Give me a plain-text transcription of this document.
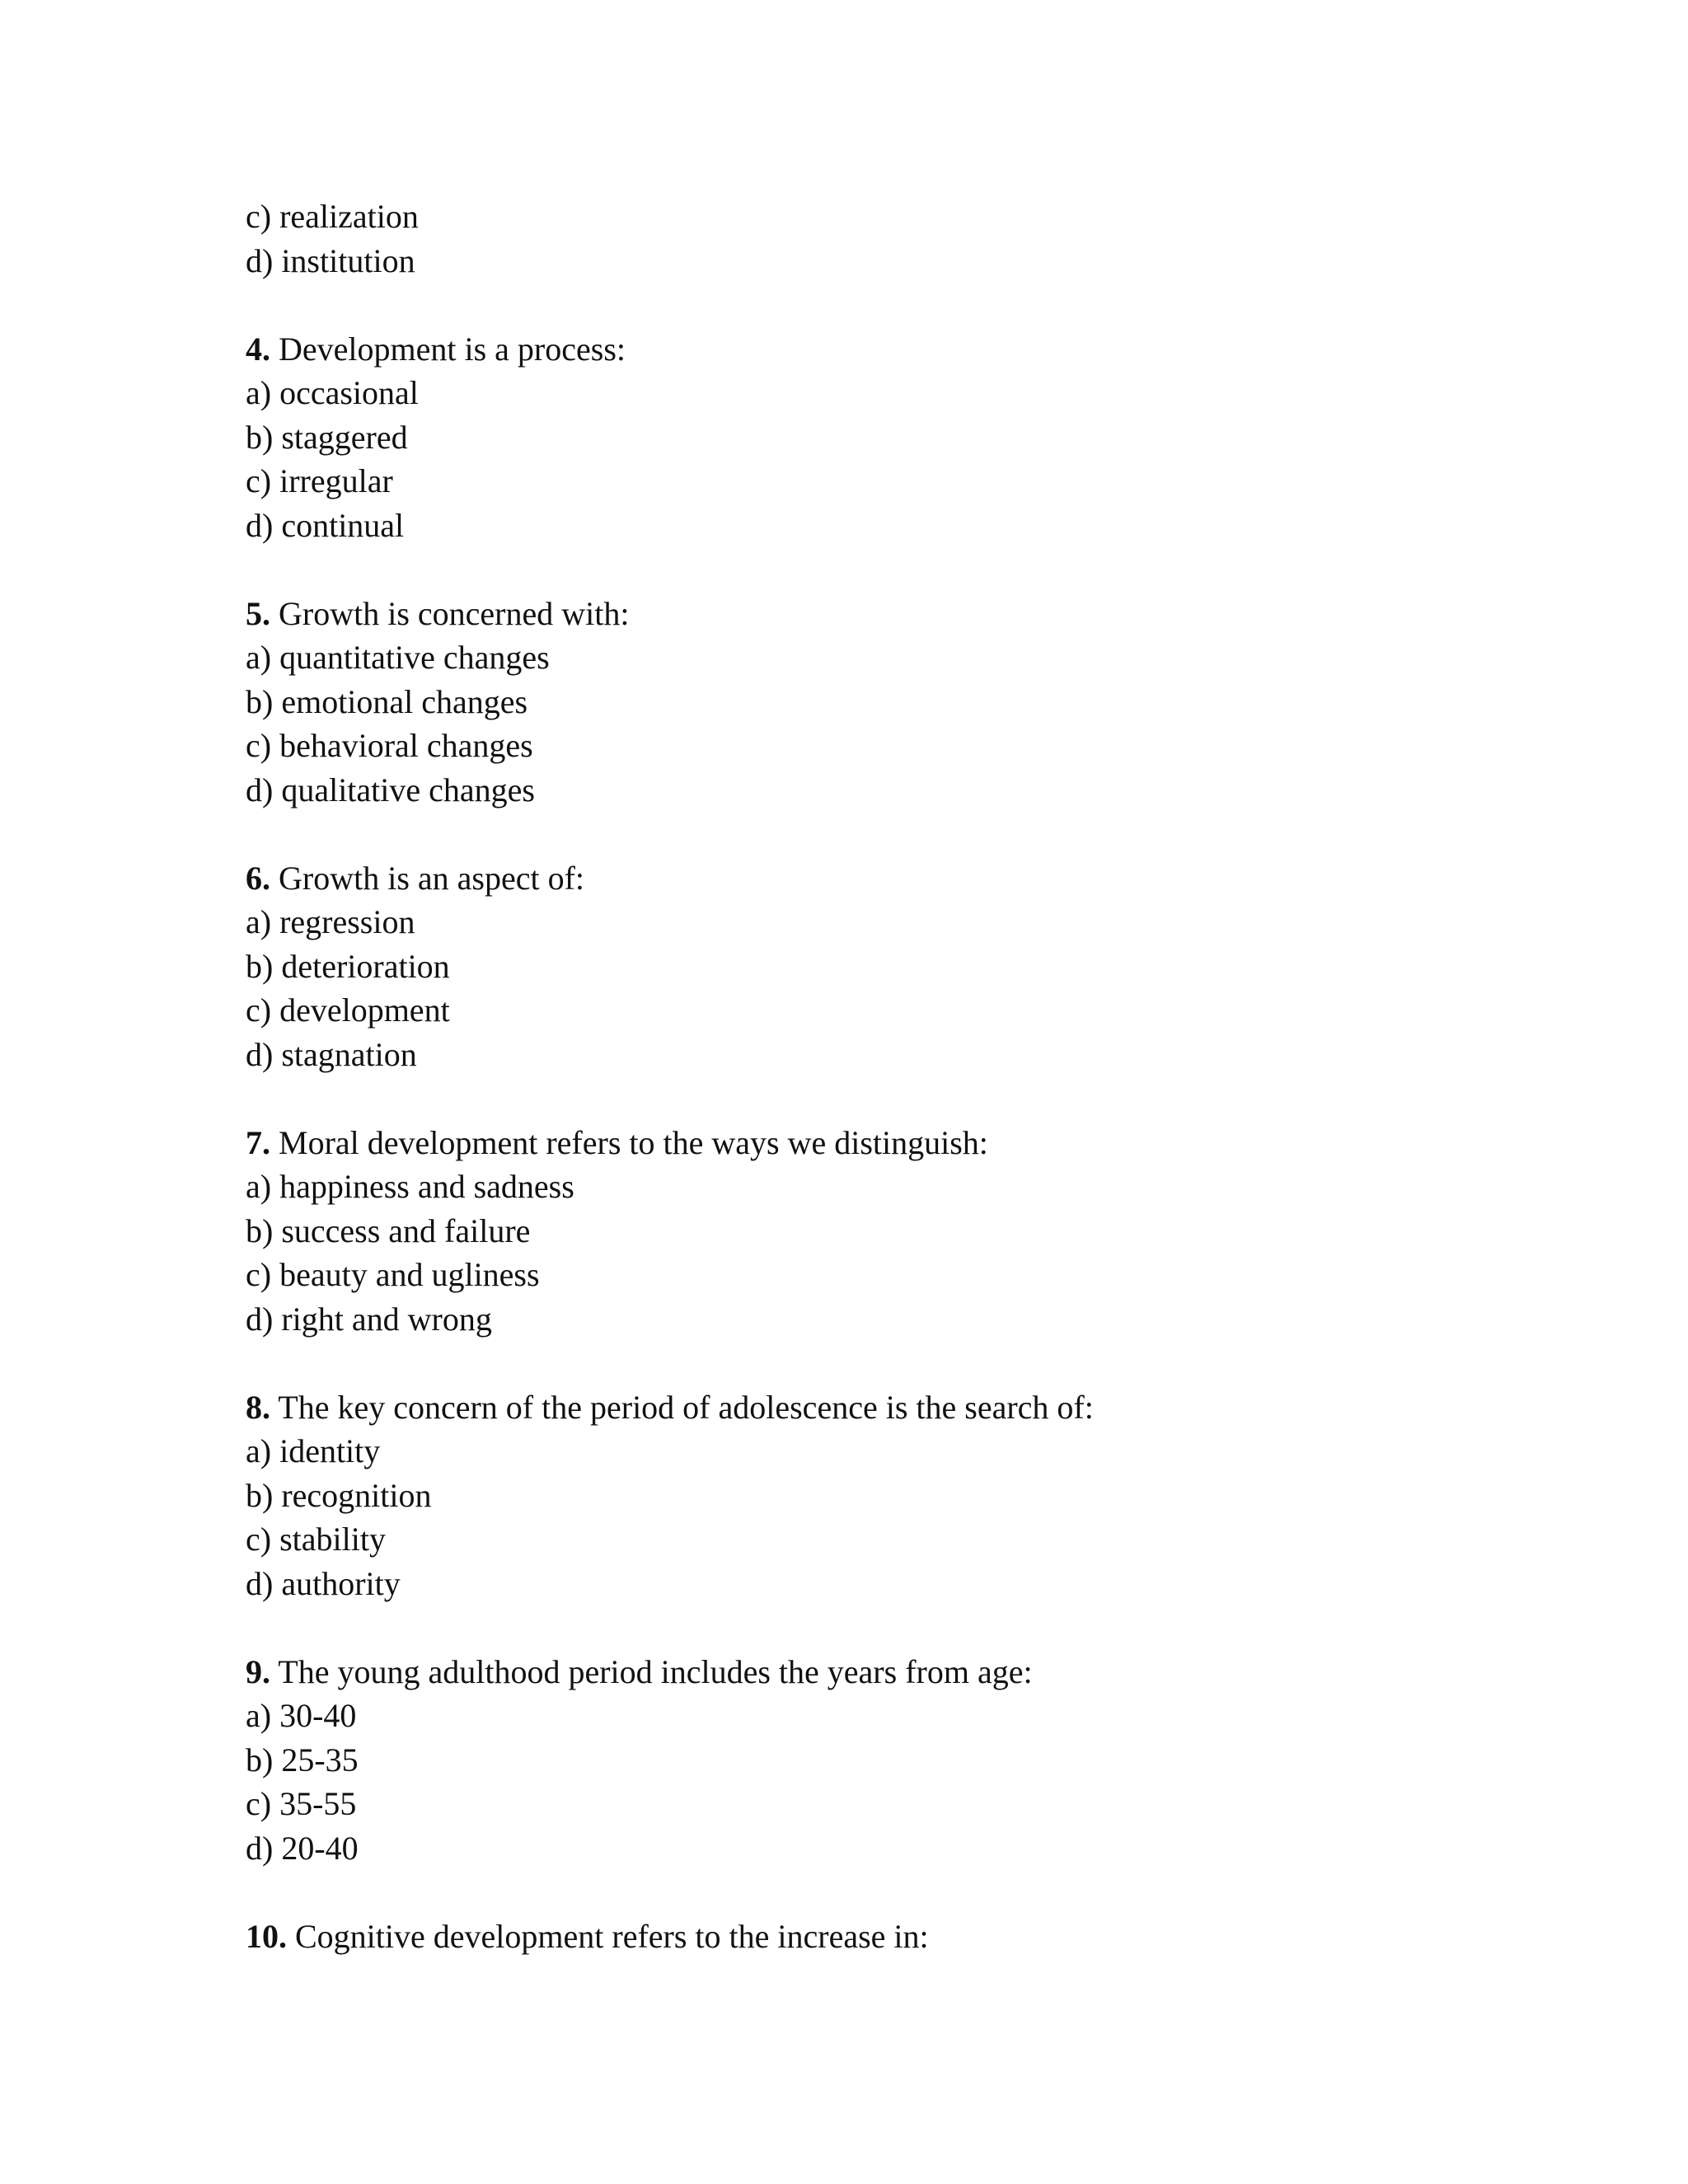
c) realization
d) institution
4. Development is a process:
a) occasional
b) staggered
c) irregular
d) continual
5. Growth is concerned with:
a) quantitative changes
b) emotional changes
c) behavioral changes
d) qualitative changes
6. Growth is an aspect of:
a) regression
b) deterioration
c) development
d) stagnation
7. Moral development refers to the ways we distinguish:
a) happiness and sadness
b) success and failure
c) beauty and ugliness
d) right and wrong
8. The key concern of the period of adolescence is the search of:
a) identity
b) recognition
c) stability
d) authority
9. The young adulthood period includes the years from age:
a) 30-40
b) 25-35
c) 35-55
d) 20-40
10. Cognitive development refers to the increase in:
